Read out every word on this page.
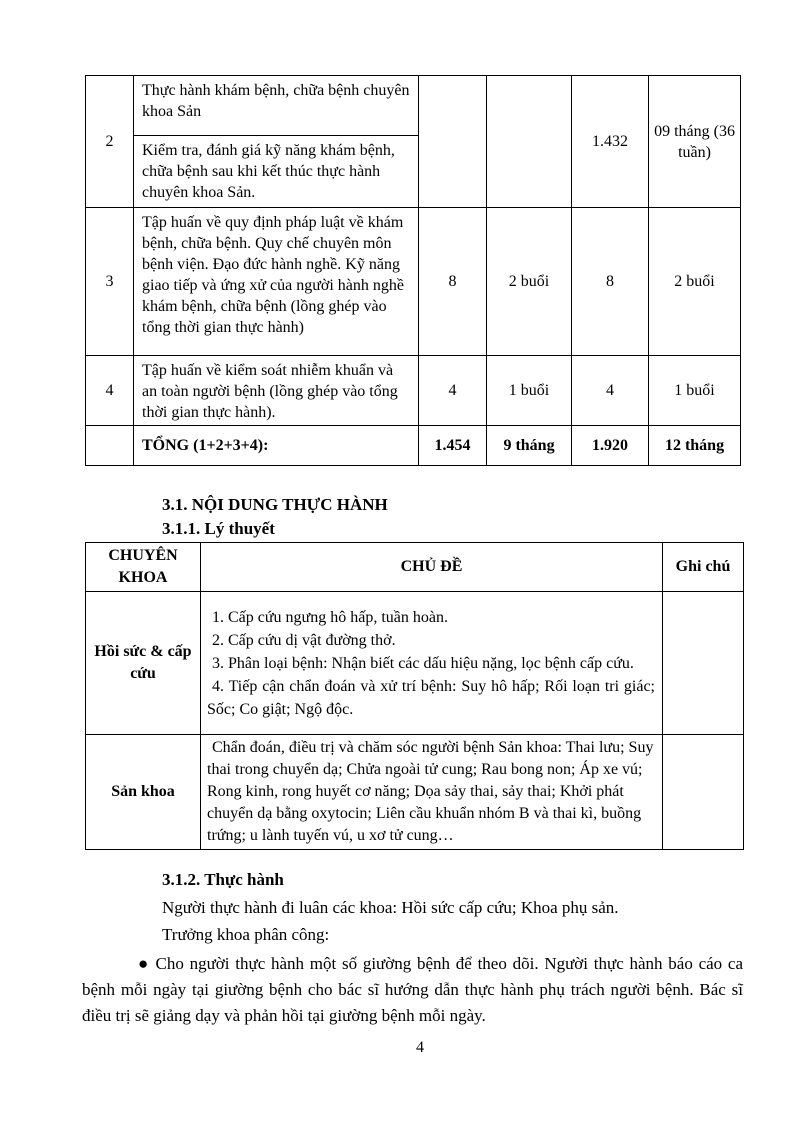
2	Thực hành khám bệnh, chữa bệnh chuyên khoa Sản			1.432	09 tháng (36 tuần)
	Kiểm tra, đánh giá kỹ năng khám bệnh, chữa bệnh sau khi kết thúc thực hành chuyên khoa Sản.				
3	Tập huấn về quy định pháp luật về khám bệnh, chữa bệnh. Quy chế chuyên môn bệnh viện. Đạo đức hành nghề. Kỹ năng giao tiếp và ứng xử của người hành nghề khám bệnh, chữa bệnh (lồng ghép vào tổng thời gian thực hành)	8	2 buổi	8	2 buổi
4	Tập huấn về kiểm soát nhiễm khuẩn và an toàn người bệnh (lồng ghép vào tổng thời gian thực hành).	4	1 buổi	4	1 buổi
	TỔNG (1+2+3+4):	1.454	9 tháng	1.920	12 tháng
3.1. NỘI DUNG THỰC HÀNH
3.1.1. Lý thuyết
CHUYÊN KHOA	CHỦ ĐỀ	Ghi chú
Hồi sức & cấp cứu	1. Cấp cứu ngưng hô hấp, tuần hoàn.

2. Cấp cứu dị vật đường thở.

3. Phân loại bệnh: Nhận biết các dấu hiệu nặng, lọc bệnh cấp cứu.

4. Tiếp cận chẩn đoán và xử trí bệnh: Suy hô hấp; Rối loạn tri giác; Sốc; Co giật; Ngộ độc.	

Sản khoa	Chẩn đoán, điều trị và chăm sóc người bệnh Sản khoa: Thai lưu; Suy thai trong chuyển dạ; Chửa ngoài tử cung; Rau bong non; Áp xe vú; Rong kinh, rong huyết cơ năng; Dọa sảy thai, sảy thai; Khởi phát chuyển dạ bằng oxytocin; Liên cầu khuẩn nhóm B và thai kì, buồng trứng; u lành tuyến vú, u xơ tử cung…	

3.1.2. Thực hành
Người thực hành đi luân các khoa: Hồi sức cấp cứu; Khoa phụ sản.
Trưởng khoa phân công:

● Cho người thực hành một số giường bệnh để theo dõi. Người thực hành báo cáo ca bệnh mỗi ngày tại giường bệnh cho bác sĩ hướng dẫn thực hành phụ trách người bệnh. Bác sĩ điều trị sẽ giảng dạy và phản hồi tại giường bệnh mỗi ngày.

4
